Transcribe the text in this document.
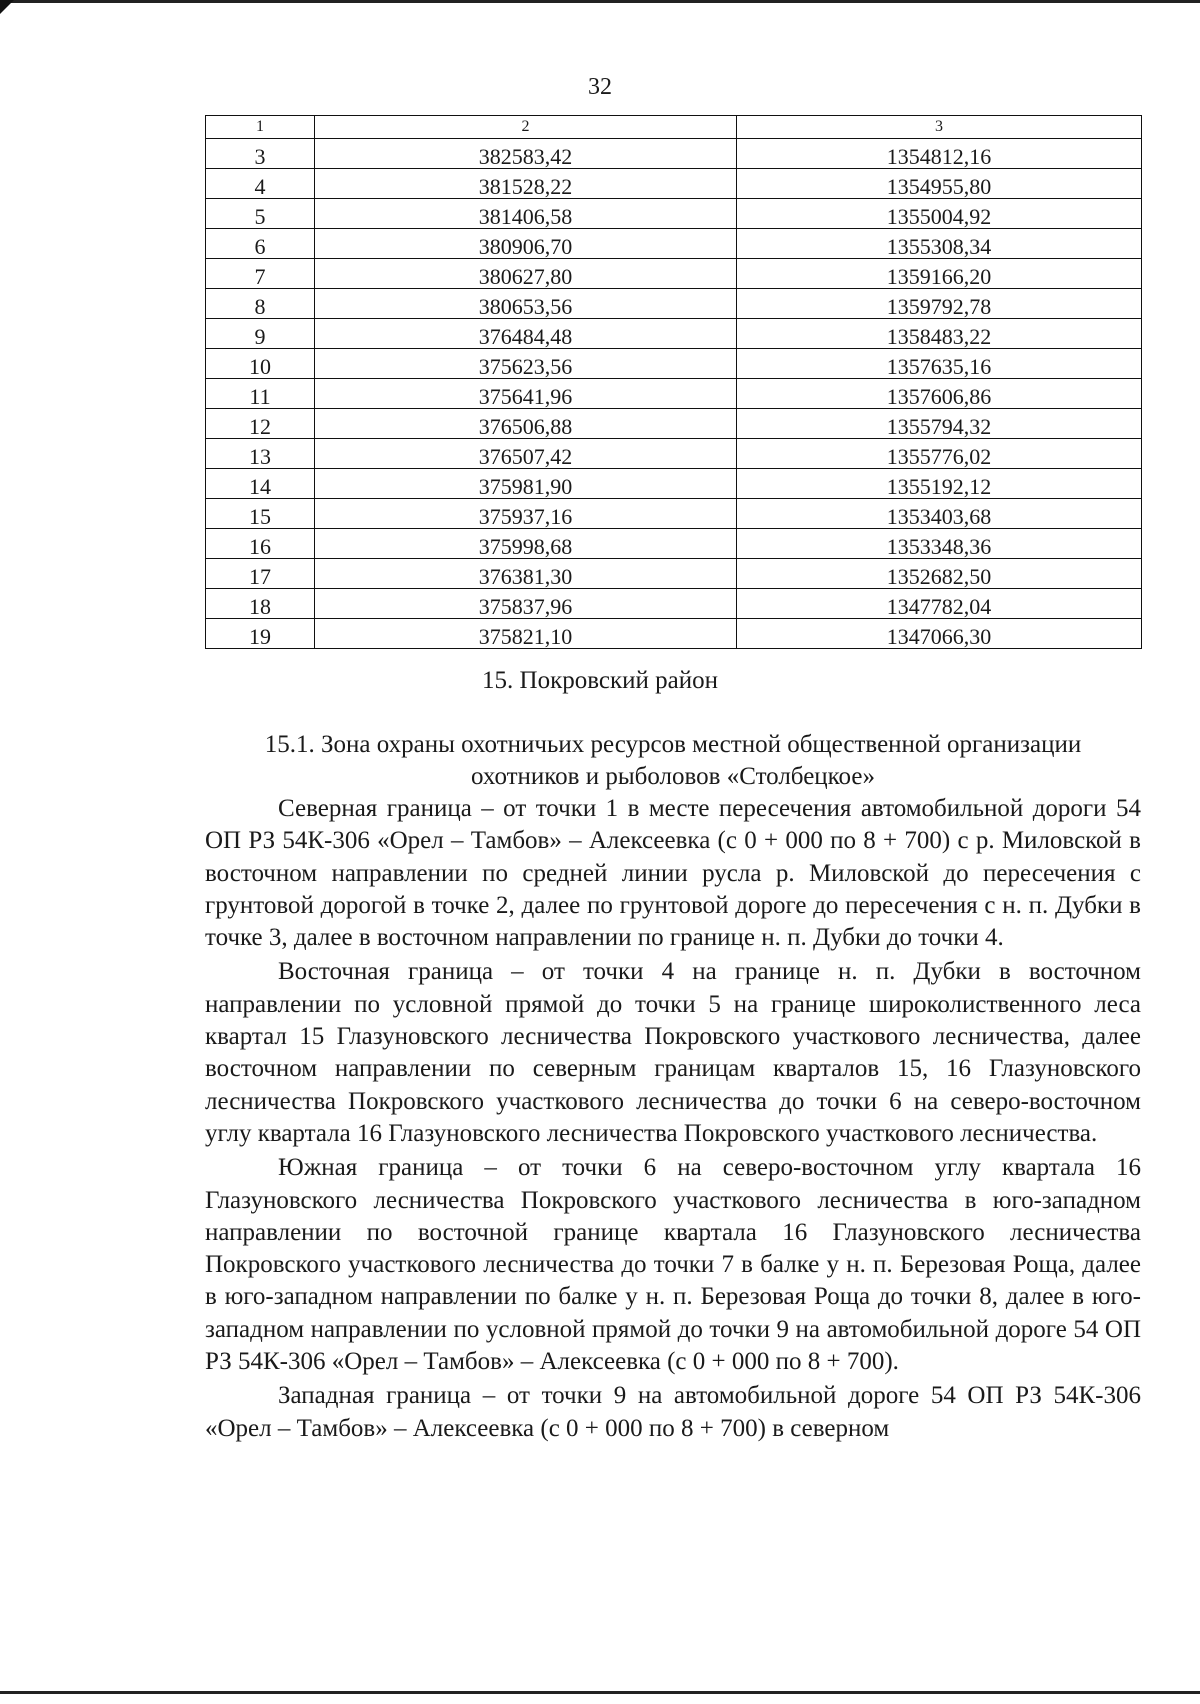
32
1	2	3
3	382583,42	1354812,16
4	381528,22	1354955,80
5	381406,58	1355004,92
6	380906,70	1355308,34
7	380627,80	1359166,20
8	380653,56	1359792,78
9	376484,48	1358483,22
10	375623,56	1357635,16
11	375641,96	1357606,86
12	376506,88	1355794,32
13	376507,42	1355776,02
14	375981,90	1355192,12
15	375937,16	1353403,68
16	375998,68	1353348,36
17	376381,30	1352682,50
18	375837,96	1347782,04
19	375821,10	1347066,30
15. Покровский район
15.1. Зона охраны охотничьих ресурсов местной общественной организации
охотников и рыболовов «Столбецкое»

Северная граница – от точки 1 в месте пересечения автомобильной дороги 54 ОП РЗ 54К-306 «Орел – Тамбов» – Алексеевка (с 0 + 000 по 8 + 700) с р. Миловской в восточном направлении по средней линии русла р. Миловской до пересечения с грунтовой дорогой в точке 2, далее по грунтовой дороге до пересечения с н. п. Дубки в точке 3, далее в восточном направлении по границе н. п. Дубки до точки 4.

Восточная граница – от точки 4 на границе н. п. Дубки в восточном направлении по условной прямой до точки 5 на границе широколиственного леса квартал 15 Глазуновского лесничества Покровского участкового лесничества, далее восточном направлении по северным границам кварталов 15, 16 Глазуновского лесничества Покровского участкового лесничества до точки 6 на северо-восточном углу квартала 16 Глазуновского лесничества Покровского участкового лесничества.

Южная граница – от точки 6 на северо-восточном углу квартала 16 Глазуновского лесничества Покровского участкового лесничества в юго-западном направлении по восточной границе квартала 16 Глазуновского лесничества Покровского участкового лесничества до точки 7 в балке у н. п. Березовая Роща, далее в юго-западном направлении по балке у н. п. Березовая Роща до точки 8, далее в юго-западном направлении по условной прямой до точки 9 на автомобильной дороге 54 ОП РЗ 54К-306 «Орел – Тамбов» – Алексеевка (с 0 + 000 по 8 + 700).

Западная граница – от точки 9 на автомобильной дороге 54 ОП РЗ 54К-306 «Орел – Тамбов» – Алексеевка (с 0 + 000 по 8 + 700) в северном
